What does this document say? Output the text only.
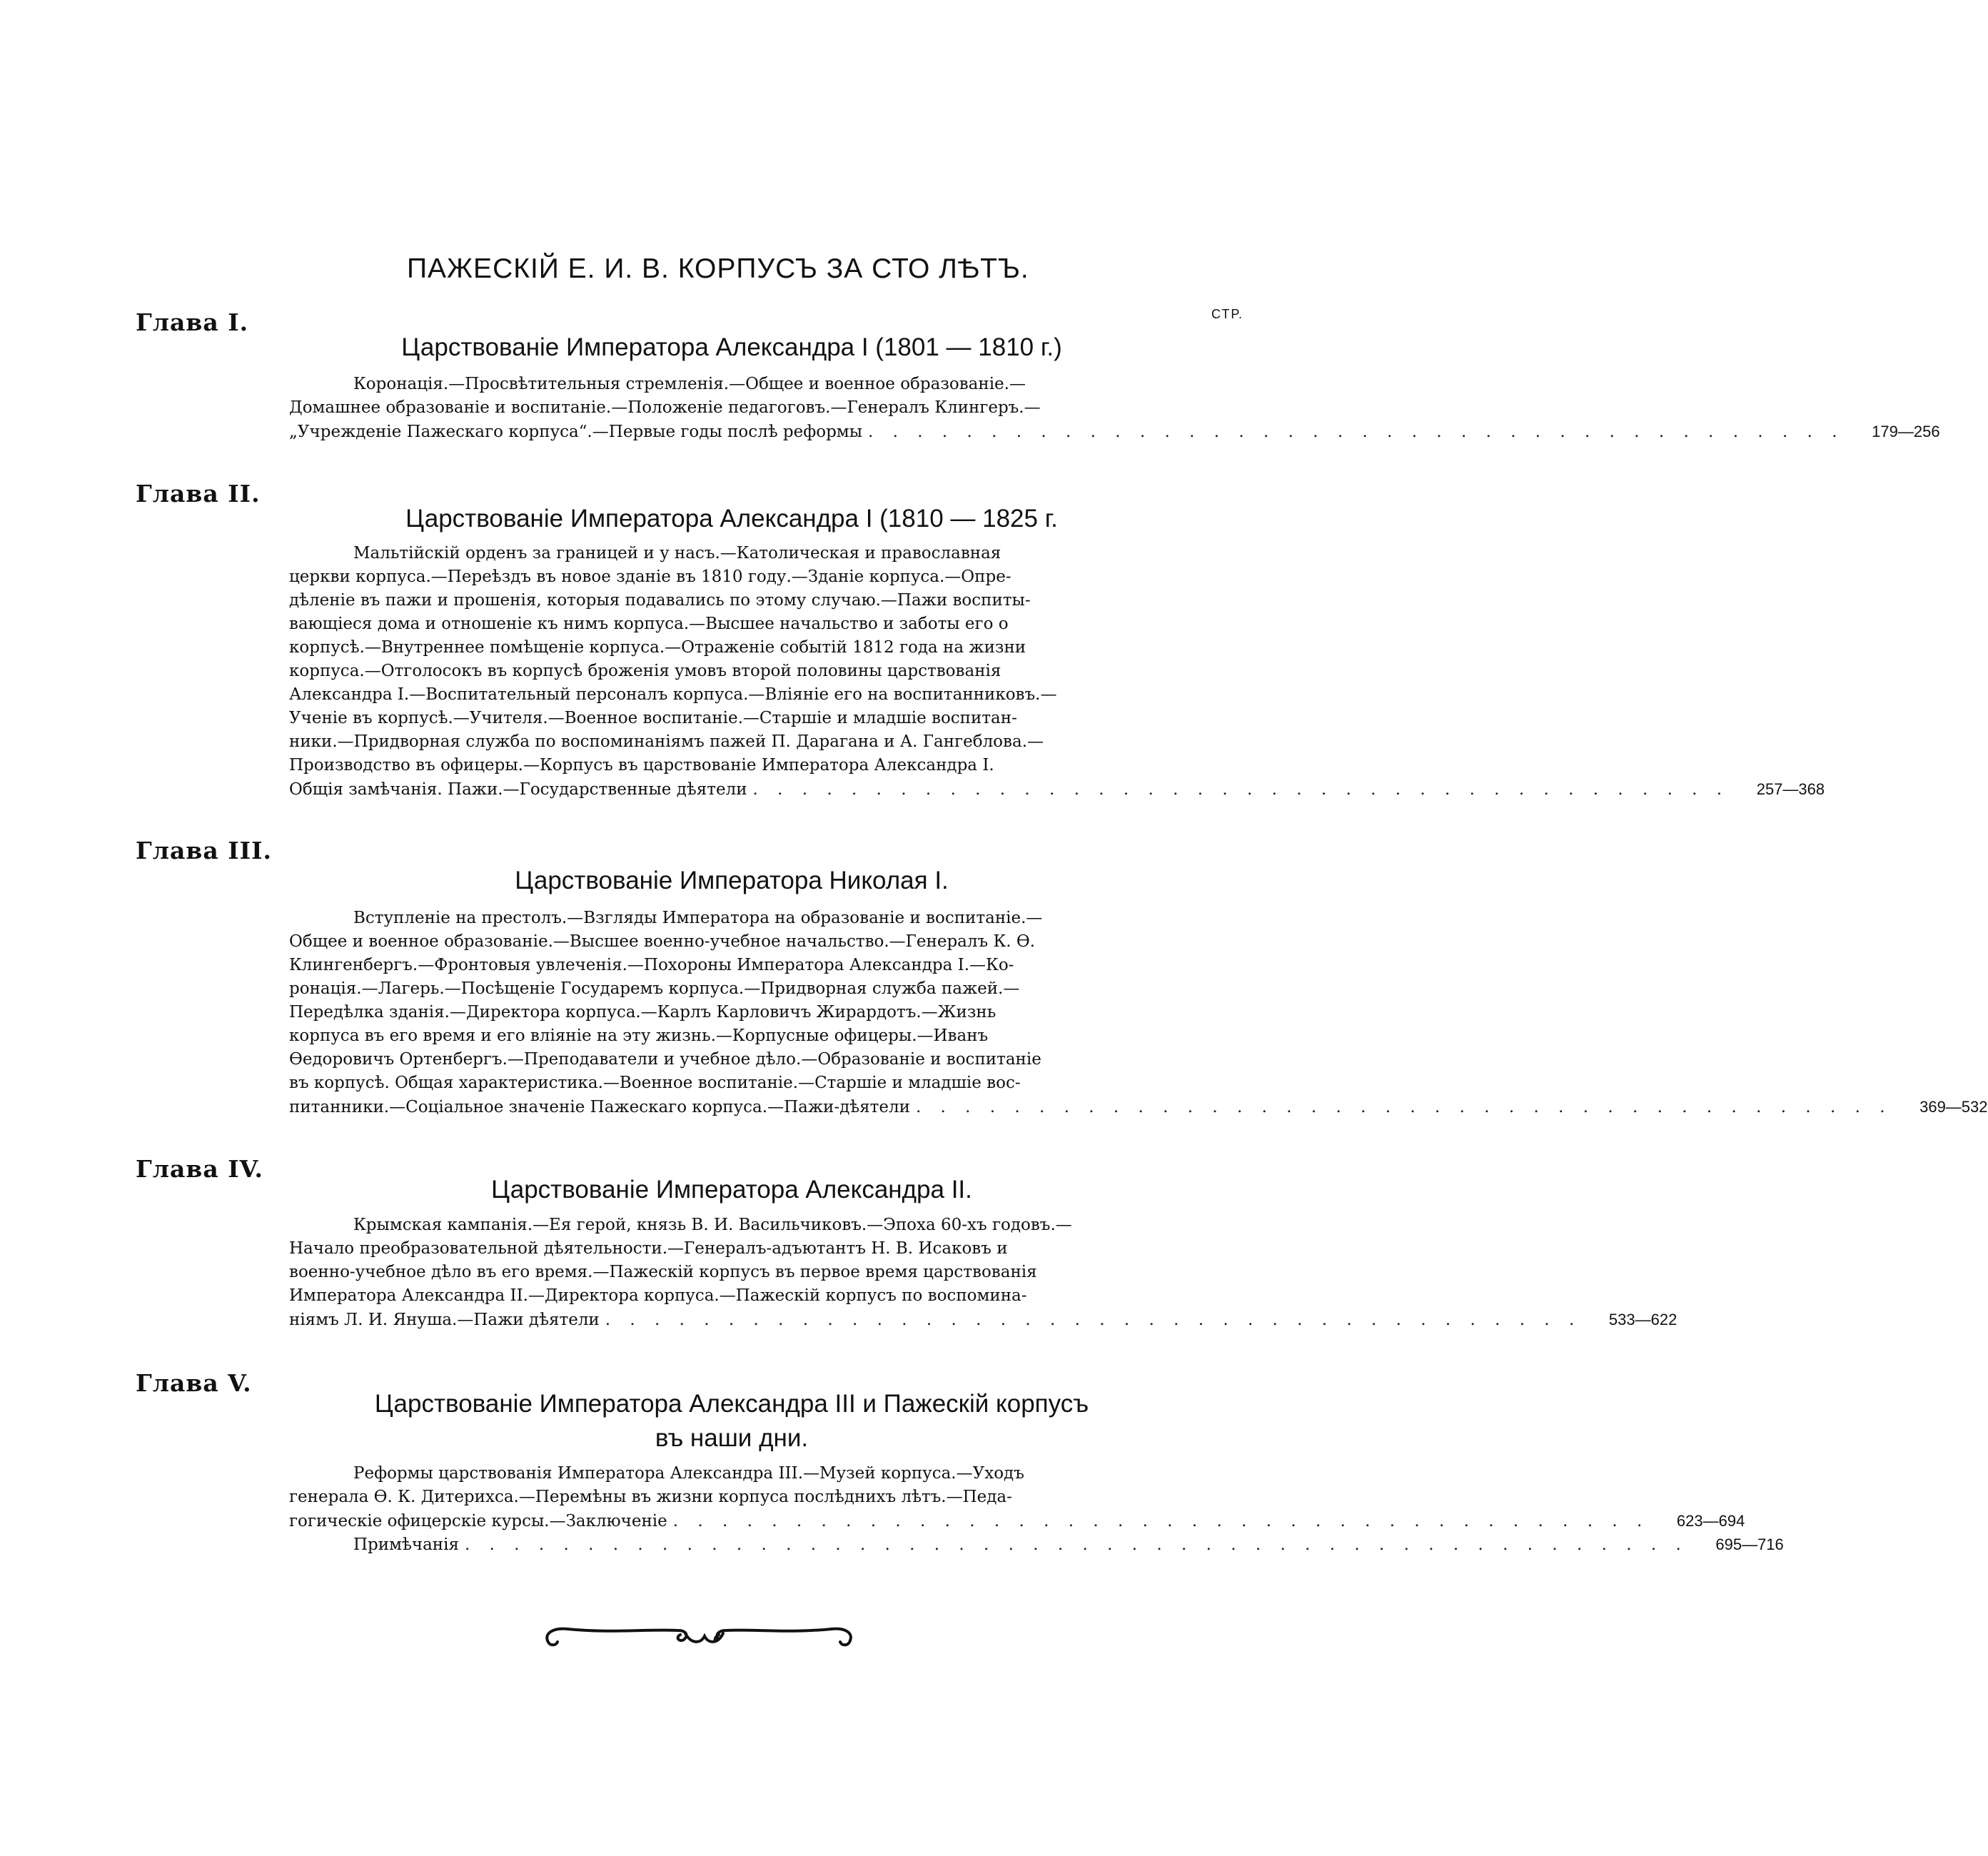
ПАЖЕСКІЙ Е. И. В. КОРПУСЪ ЗА СТО ЛѢТЪ.
СТР.
Глава I.
Царствованіе Императора Александра I (1801 — 1810 г.)
Коронація.—Просвѣтительныя стремленія.—Общее и военное образованіе.—
Домашнее образованіе и воспитаніе.—Положеніе педагоговъ.—Генералъ Клингеръ.—
„Учрежденіе Пажескаго корпуса“.—Первые годы послѣ реформы . . . . . . . . . . . . . . . . . . . . . . . . . . . . . . . . . . . . . . . .	179—256
Глава II.
Царствованіе Императора Александра I (1810 — 1825 г.
Мальтійскій орденъ за границей и у насъ.—Католическая и православная
церкви корпуса.—Переѣздъ въ новое зданіе въ 1810 году.—Зданіе корпуса.—Опре-
дѣленіе въ пажи и прошенія, которыя подавались по этому случаю.—Пажи воспиты-
вающіеся дома и отношеніе къ нимъ корпуса.—Высшее начальство и заботы его о
корпусѣ.—Внутреннее помѣщеніе корпуса.—Отраженіе событій 1812 года на жизни
корпуса.—Отголосокъ въ корпусѣ броженія умовъ второй половины царствованія
Александра I.—Воспитательный персоналъ корпуса.—Вліяніе его на воспитанниковъ.—
Ученіе въ корпусѣ.—Учителя.—Военное воспитаніе.—Старшіе и младшіе воспитан-
ники.—Придворная служба по воспоминаніямъ пажей П. Дарагана и А. Гангеблова.—
Производство въ офицеры.—Корпусъ въ царствованіе Императора Александра I.
Общія замѣчанія. Пажи.—Государственные дѣятели . . . . . . . . . . . . . . . . . . . . . . . . . . . . . . . . . . . . . . . .	257—368
Глава III.
Царствованіе Императора Николая I.
Вступленіе на престолъ.—Взгляды Императора на образованіе и воспитаніе.—
Общее и военное образованіе.—Высшее военно-учебное начальство.—Генералъ К. Ѳ.
Клингенбергъ.—Фронтовыя увлеченія.—Похороны Императора Александра I.—Ко-
ронація.—Лагерь.—Посѣщеніе Государемъ корпуса.—Придворная служба пажей.—
Передѣлка зданія.—Директора корпуса.—Карлъ Карловичъ Жирардотъ.—Жизнь
корпуса въ его время и его вліяніе на эту жизнь.—Корпусные офицеры.—Иванъ
Ѳедоровичъ Ортенбергъ.—Преподаватели и учебное дѣло.—Образованіе и воспитаніе
въ корпусѣ. Общая характеристика.—Военное воспитаніе.—Старшіе и младшіе вос-
питанники.—Соціальное значеніе Пажескаго корпуса.—Пажи-дѣятели . . . . . . . . . . . . . . . . . . . . . . . . . . . . . . . . . . . . . . . .	369—532
Глава IV.
Царствованіе Императора Александра II.
Крымская кампанія.—Ея герой, князь В. И. Васильчиковъ.—Эпоха 60-хъ годовъ.—
Начало преобразовательной дѣятельности.—Генералъ-адъютантъ Н. В. Исаковъ и
военно-учебное дѣло въ его время.—Пажескій корпусъ въ первое время царствованія
Императора Александра II.—Директора корпуса.—Пажескій корпусъ по воспомина-
ніямъ Л. И. Януша.—Пажи дѣятели . . . . . . . . . . . . . . . . . . . . . . . . . . . . . . . . . . . . . . . .	533—622
Глава V.
Царствованіе Императора Александра III и Пажескій корпусъ
въ наши дни.
Реформы царствованія Императора Александра III.—Музей корпуса.—Уходъ
генерала Ѳ. К. Дитерихса.—Перемѣны въ жизни корпуса послѣднихъ лѣтъ.—Педа-
гогическіе офицерскіе курсы.—Заключеніе . . . . . . . . . . . . . . . . . . . . . . . . . . . . . . . . . . . . . . . .	623—694
Примѣчанія . . . . . . . . . . . . . . . . . . . . . . . . . . . . . . . . . . . . . . . . . . . . . . . . . .	695—716
